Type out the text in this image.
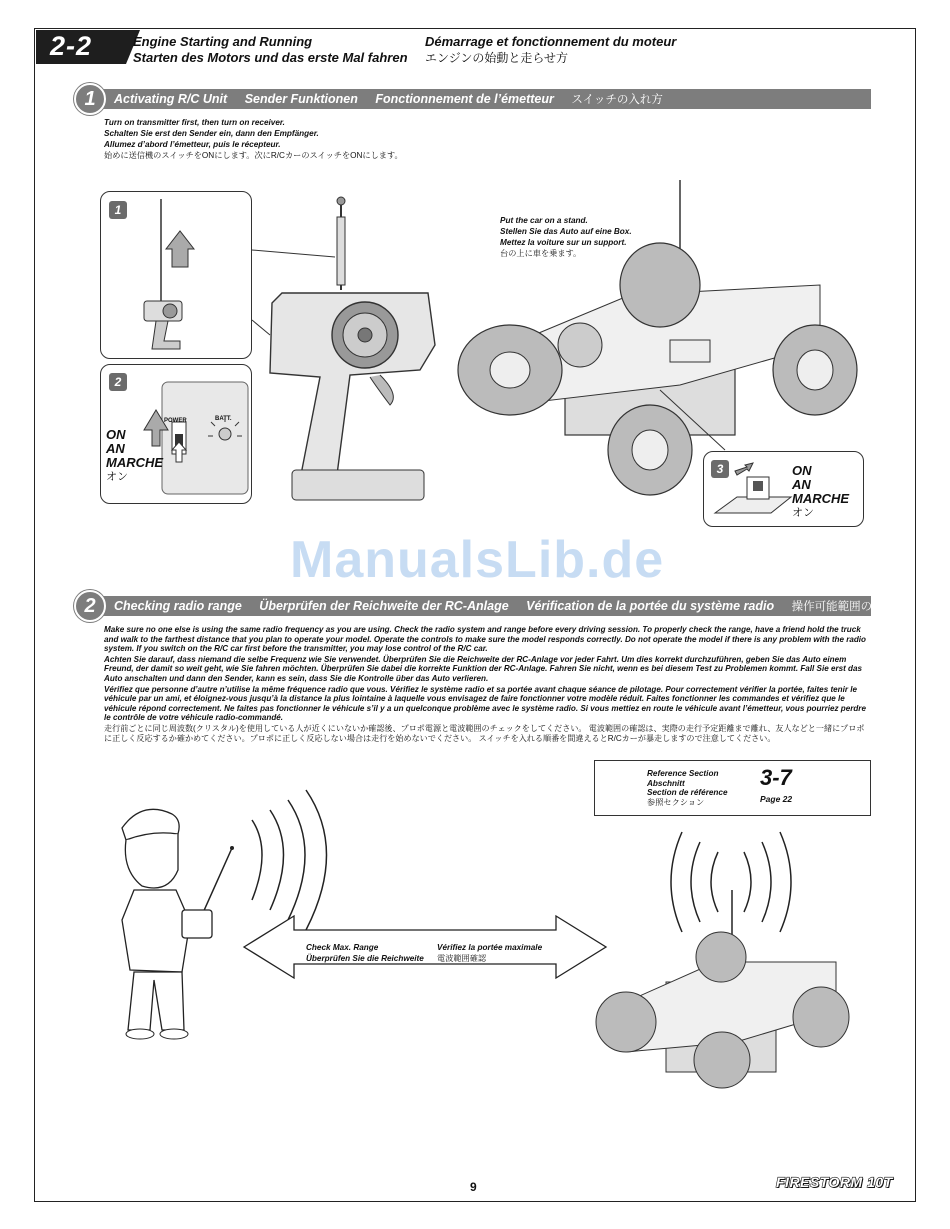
2-2	Engine Starting and Running
Starten des Motors und das erste Mal fahren
Démarrage et fonctionnement du moteur
エンジンの始動と走らせ方
Activating R/C Unit Sender Funktionen Fonctionnement de l’émetteur スイッチの入れ方
1
Turn on transmitter first, then turn on receiver.
Schalten Sie erst den Sender ein, dann den Empfänger.
Allumez d’abord l’émetteur, puis le récepteur.
始めに送信機のスイッチをONにします。次にR/CカーのスイッチをONにします。
1
2
POWER	BATT.
ON
AN
MARCHE
オン
Put the car on a stand.
Stellen Sie das Auto auf eine Box.
Mettez la voiture sur un support.
台の上に車を乗ます。
3	ON
AN
MARCHE
オン
ManualsLib.de
Checking radio range Überprüfen der Reichweite der RC-Anlage Vérification de la portée du système radio 操作可能範囲の確認
2

Make sure no one else is using the same radio frequency as you are using. Check the radio system and range before every driving session. To properly check the range, have a friend hold the truck and walk to the farthest distance that you plan to operate your model. Operate the controls to make sure the model responds correctly. Do not operate the model if there is any problem with the radio system. If you switch on the R/C car first before the transmitter, you may lose control of the R/C car.

Achten Sie darauf, dass niemand die selbe Frequenz wie Sie verwendet. Überprüfen Sie die Reichweite der RC-Anlage vor jeder Fahrt. Um dies korrekt durchzuführen, geben Sie das Auto einem Freund, der damit so weit geht, wie Sie fahren möchten. Überprüfen Sie dabei die korrekte Funktion der RC-Anlage. Fahren Sie nicht, wenn es bei diesem Test zu Problemen kommt. Fall Sie erst das Auto anschalten und dann den Sender, kann es sein, dass Sie die Kontrolle über das Auto verlieren.

Vérifiez que personne d’autre n’utilise la même fréquence radio que vous. Vérifiez le système radio et sa portée avant chaque séance de pilotage. Pour correctement vérifier la portée, faites tenir le véhicule par un ami, et éloignez-vous jusqu’à la distance la plus lointaine à laquelle vous envisagez de faire fonctionner votre modèle réduit. Faites fonctionner les commandes et vérifiez que le véhicule répond correctement. Ne faites pas fonctionner le véhicule s’il y a un quelconque problème avec le système radio. Si vous mettiez en route le véhicule avant l’émetteur, vous pourriez perdre le contrôle de votre véhicule radio-commandé.

走行前ごとに同じ周波数(クリスタル)を使用している人が近くにいないか確認後、プロポ電源と電波範囲のチェックをしてください。 電波範囲の確認は、実際の走行予定距離まで離れ、友人などと一緒にプロポに正しく反応するか確かめてください。プロポに正しく反応しない場合は走行を始めないでください。 スイッチを入れる順番を間違えるとR/Cカーが暴走しますので注意してください。

Reference Section
Abschnitt
Section de référence
参照セクション
3-7
Page 22
Check Max. Range
Überprüfen Sie die Reichweite
Vérifiez la portée maximale
電波範囲確認
9	FIRESTORM 10T
